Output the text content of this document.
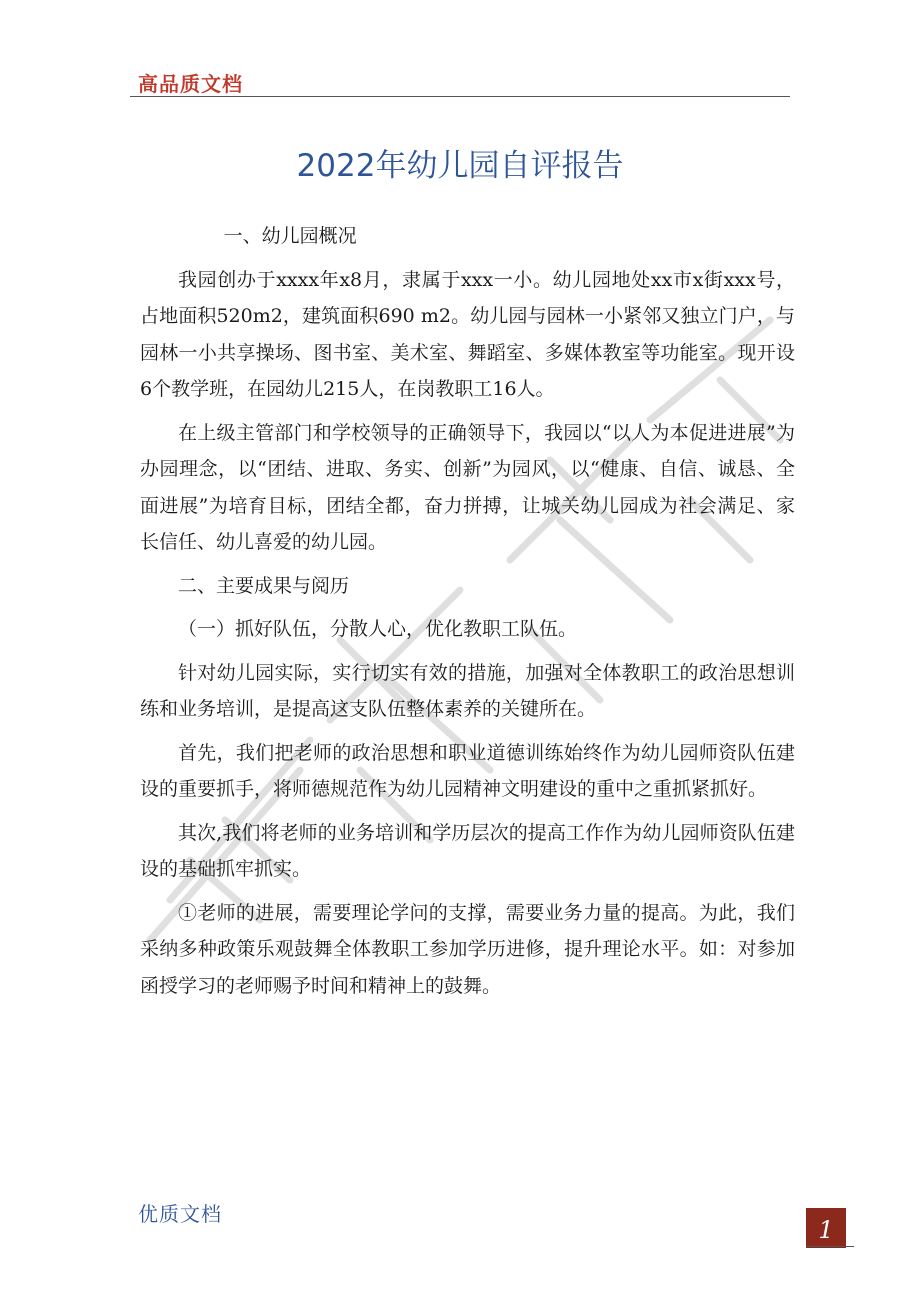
高品质文档
2022年幼儿园自评报告

一、幼儿园概况

我园创办于xxxx年x8月，隶属于xxx一小。幼儿园地处xx市x街xxx号，占地面积520m2，建筑面积690 m2。幼儿园与园林一小紧邻又独立门户，与园林一小共享操场、图书室、美术室、舞蹈室、多媒体教室等功能室。现开设6个教学班，在园幼儿215人，在岗教职工16人。

在上级主管部门和学校领导的正确领导下，我园以“以人为本促进进展”为办园理念，以“团结、进取、务实、创新”为园风，以“健康、自信、诚恳、全面进展”为培育目标，团结全都，奋力拼搏，让城关幼儿园成为社会满足、家长信任、幼儿喜爱的幼儿园。

二、主要成果与阅历

（一）抓好队伍，分散人心，优化教职工队伍。

针对幼儿园实际，实行切实有效的措施，加强对全体教职工的政治思想训练和业务培训，是提高这支队伍整体素养的关键所在。

首先，我们把老师的政治思想和职业道德训练始终作为幼儿园师资队伍建设的重要抓手，将师德规范作为幼儿园精神文明建设的重中之重抓紧抓好。

其次,我们将老师的业务培训和学历层次的提高工作作为幼儿园师资队伍建设的基础抓牢抓实。

①老师的进展，需要理论学问的支撑，需要业务力量的提高。为此，我们采纳多种政策乐观鼓舞全体教职工参加学历进修，提升理论水平。如：对参加函授学习的老师赐予时间和精神上的鼓舞。

优质文档
1
